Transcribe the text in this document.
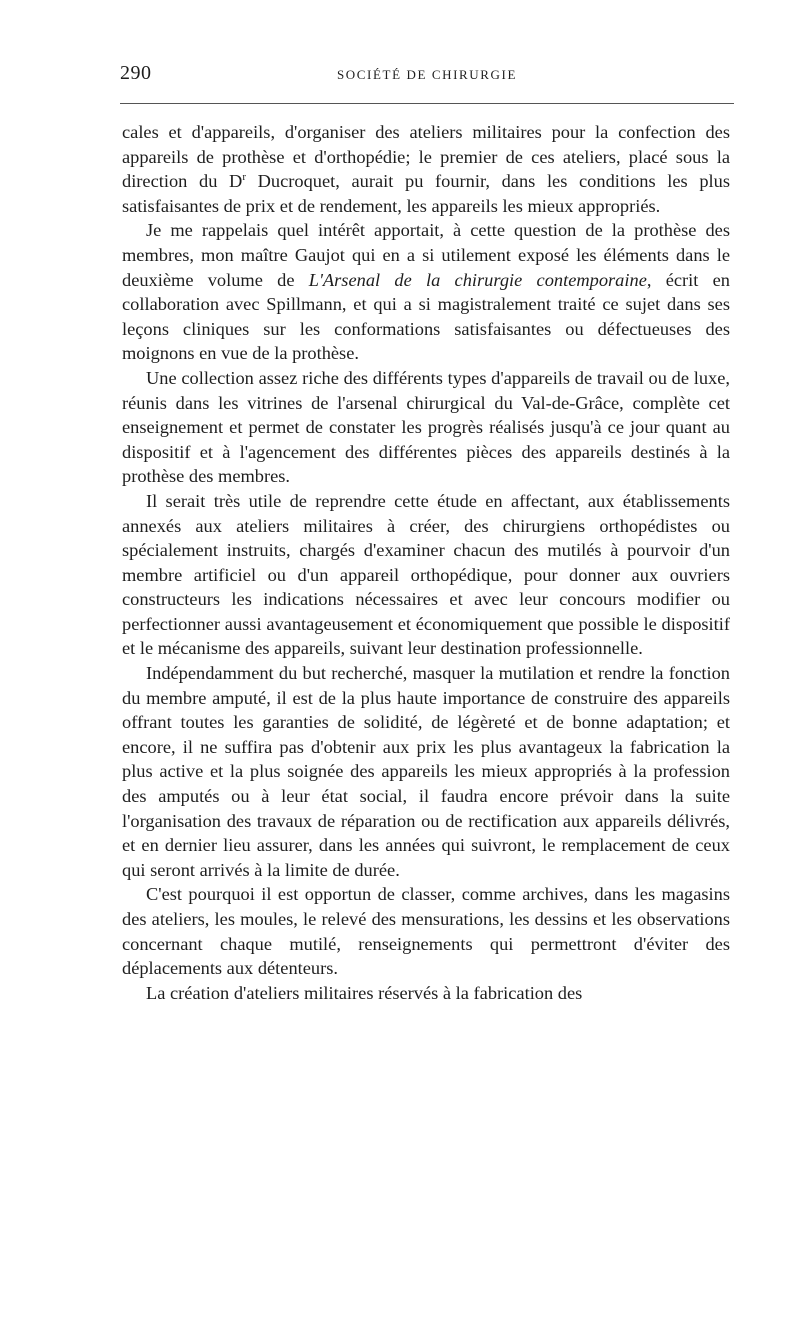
290	SOCIÉTÉ DE CHIRURGIE

cales et d'appareils, d'organiser des ateliers militaires pour la confection des appareils de prothèse et d'orthopédie; le premier de ces ateliers, placé sous la direction du $D^r$ Ducroquet, aurait pu fournir, dans les conditions les plus satisfaisantes de prix et de rendement, les appareils les mieux appropriés.

Je me rappelais quel intérêt apportait, à cette question de la prothèse des membres, mon maître Gaujot qui en a si utilement exposé les éléments dans le deuxième volume de L'Arsenal de la chirurgie contemporaine, écrit en collaboration avec Spillmann, et qui a si magistralement traité ce sujet dans ses leçons cliniques sur les conformations satisfaisantes ou défectueuses des moignons en vue de la prothèse.

Une collection assez riche des différents types d'appareils de travail ou de luxe, réunis dans les vitrines de l'arsenal chirurgical du Val-de-Grâce, complète cet enseignement et permet de constater les progrès réalisés jusqu'à ce jour quant au dispositif et à l'agencement des différentes pièces des appareils destinés à la prothèse des membres.

Il serait très utile de reprendre cette étude en affectant, aux établissements annexés aux ateliers militaires à créer, des chirurgiens orthopédistes ou spécialement instruits, chargés d'examiner chacun des mutilés à pourvoir d'un membre artificiel ou d'un appareil orthopédique, pour donner aux ouvriers constructeurs les indications nécessaires et avec leur concours modifier ou perfectionner aussi avantageusement et économiquement que possible le dispositif et le mécanisme des appareils, suivant leur destination professionnelle.

Indépendamment du but recherché, masquer la mutilation et rendre la fonction du membre amputé, il est de la plus haute importance de construire des appareils offrant toutes les garanties de solidité, de légèreté et de bonne adaptation; et encore, il ne suffira pas d'obtenir aux prix les plus avantageux la fabrication la plus active et la plus soignée des appareils les mieux appropriés à la profession des amputés ou à leur état social, il faudra encore prévoir dans la suite l'organisation des travaux de réparation ou de rectification aux appareils délivrés, et en dernier lieu assurer, dans les années qui suivront, le remplacement de ceux qui seront arrivés à la limite de durée.

C'est pourquoi il est opportun de classer, comme archives, dans les magasins des ateliers, les moules, le relevé des mensurations, les dessins et les observations concernant chaque mutilé, renseignements qui permettront d'éviter des déplacements aux détenteurs.

La création d'ateliers militaires réservés à la fabrication des
